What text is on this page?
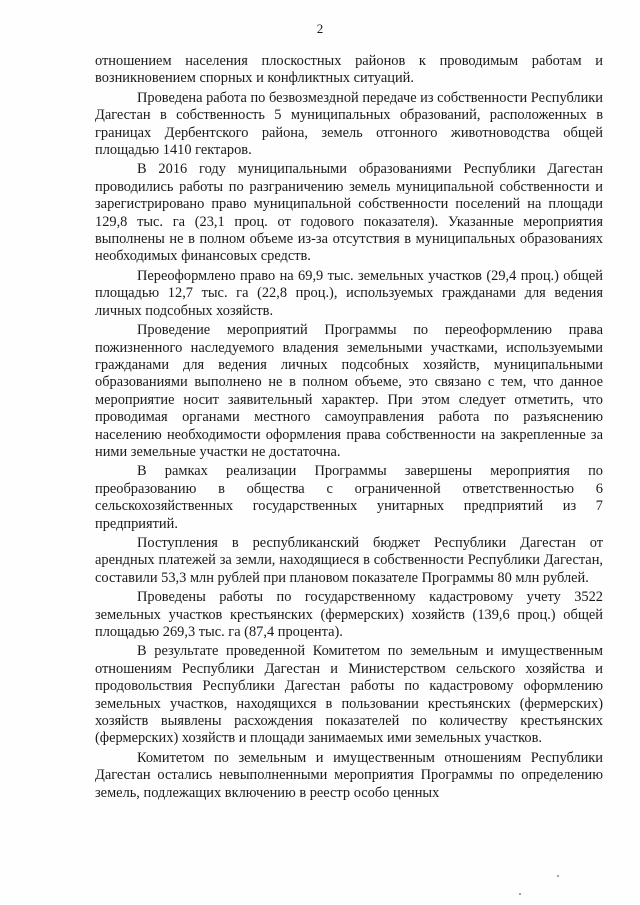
2

отношением населения плоскостных районов к проводимым работам и возникновением спорных и конфликтных ситуаций.

Проведена работа по безвозмездной передаче из собственности Республики Дагестан в собственность 5 муниципальных образований, расположенных в границах Дербентского района, земель отгонного животноводства общей площадью 1410 гектаров.

В 2016 году муниципальными образованиями Республики Дагестан проводились работы по разграничению земель муниципальной собственности и зарегистрировано право муниципальной собственности поселений на площади 129,8 тыс. га (23,1 проц. от годового показателя). Указанные мероприятия выполнены не в полном объеме из-за отсутствия в муниципальных образованиях необходимых финансовых средств.

Переоформлено право на 69,9 тыс. земельных участков (29,4 проц.) общей площадью 12,7 тыс. га (22,8 проц.), используемых гражданами для ведения личных подсобных хозяйств.

Проведение мероприятий Программы по переоформлению права пожизненного наследуемого владения земельными участками, используемыми гражданами для ведения личных подсобных хозяйств, муниципальными образованиями выполнено не в полном объеме, это связано с тем, что данное мероприятие носит заявительный характер. При этом следует отметить, что проводимая органами местного самоуправления работа по разъяснению населению необходимости оформления права собственности на закрепленные за ними земельные участки не достаточна.

В рамках реализации Программы завершены мероприятия по преобразованию в общества с ограниченной ответственностью 6 сельскохозяйственных государственных унитарных предприятий из 7 предприятий.

Поступления в республиканский бюджет Республики Дагестан от арендных платежей за земли, находящиеся в собственности Республики Дагестан, составили 53,3 млн рублей при плановом показателе Программы 80 млн рублей.

Проведены работы по государственному кадастровому учету 3522 земельных участков крестьянских (фермерских) хозяйств (139,6 проц.) общей площадью 269,3 тыс. га (87,4 процента).

В результате проведенной Комитетом по земельным и имущественным отношениям Республики Дагестан и Министерством сельского хозяйства и продовольствия Республики Дагестан работы по кадастровому оформлению земельных участков, находящихся в пользовании крестьянских (фермерских) хозяйств выявлены расхождения показателей по количеству крестьянских (фермерских) хозяйств и площади занимаемых ими земельных участков.

Комитетом по земельным и имущественным отношениям Республики Дагестан остались невыполненными мероприятия Программы по определению земель, подлежащих включению в реестр особо ценных
